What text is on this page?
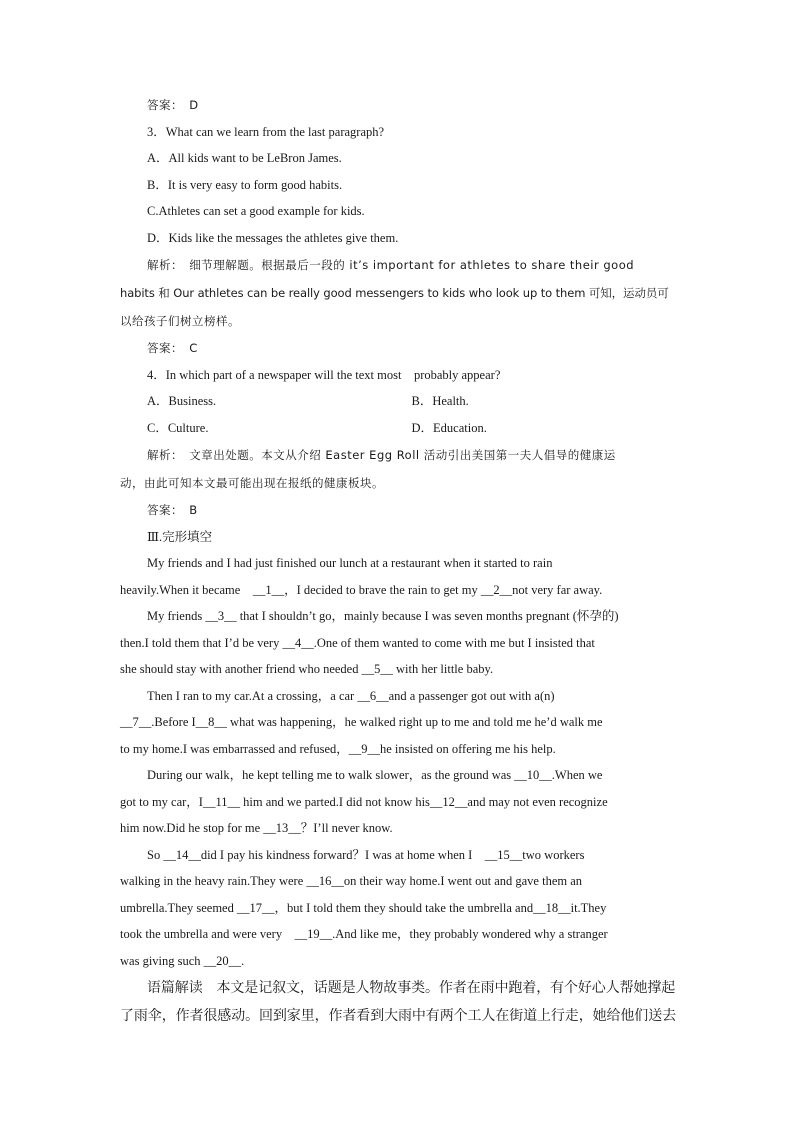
答案：　D
3．What can we learn from the last paragraph?
A．All kids want to be LeBron James.
B．It is very easy to form good habits.
C.Athletes can set a good example for kids.
D．Kids like the messages the athletes give them.
解析：　细节理解题。根据最后一段的 it’s important for athletes to share their good
habits 和 Our athletes can be really good messengers to kids who look up to them 可知，运动员可
以给孩子们树立榜样。
答案：　C
4．In which part of a newspaper will the text most　probably appear?
A．Business.	B．Health.
C．Culture.	D．Education.
解析：　文章出处题。本文从介绍 Easter Egg Roll 活动引出美国第一夫人倡导的健康运
动，由此可知本文最可能出现在报纸的健康板块。
答案：　B
Ⅲ.完形填空
My friends and I had just finished our lunch at a restaurant when it started to rain
heavily.When it became　__1__，I decided to brave the rain to get my __2__not very far away.
My friends __3__ that I shouldn’t go，mainly because I was seven months pregnant (怀孕的)
then.I told them that I’d be very __4__.One of them wanted to come with me but I insisted that
she should stay with another friend who needed __5__ with her little baby.
Then I ran to my car.At a crossing，a car __6__and a passenger got out with a(n)
__7__.Before I__8__ what was happening，he walked right up to me and told me he’d walk me
to my home.I was embarrassed and refused，__9__he insisted on offering me his help.
During our walk，he kept telling me to walk slower，as the ground was __10__.When we
got to my car，I__11__ him and we parted.I did not know his__12__and may not even recognize
him now.Did he stop for me __13__？I’ll never know.
So __14__did I pay his kindness forward？I was at home when I　__15__two workers
walking in the heavy rain.They were __16__on their way home.I went out and gave them an
umbrella.They seemed __17__，but I told them they should take the umbrella and__18__it.They
took the umbrella and were very　__19__.And like me，they probably wondered why a stranger
was giving such __20__.
语篇解读　本文是记叙文，话题是人物故事类。作者在雨中跑着，有个好心人帮她撑起
了雨伞，作者很感动。回到家里，作者看到大雨中有两个工人在街道上行走，她给他们送去
